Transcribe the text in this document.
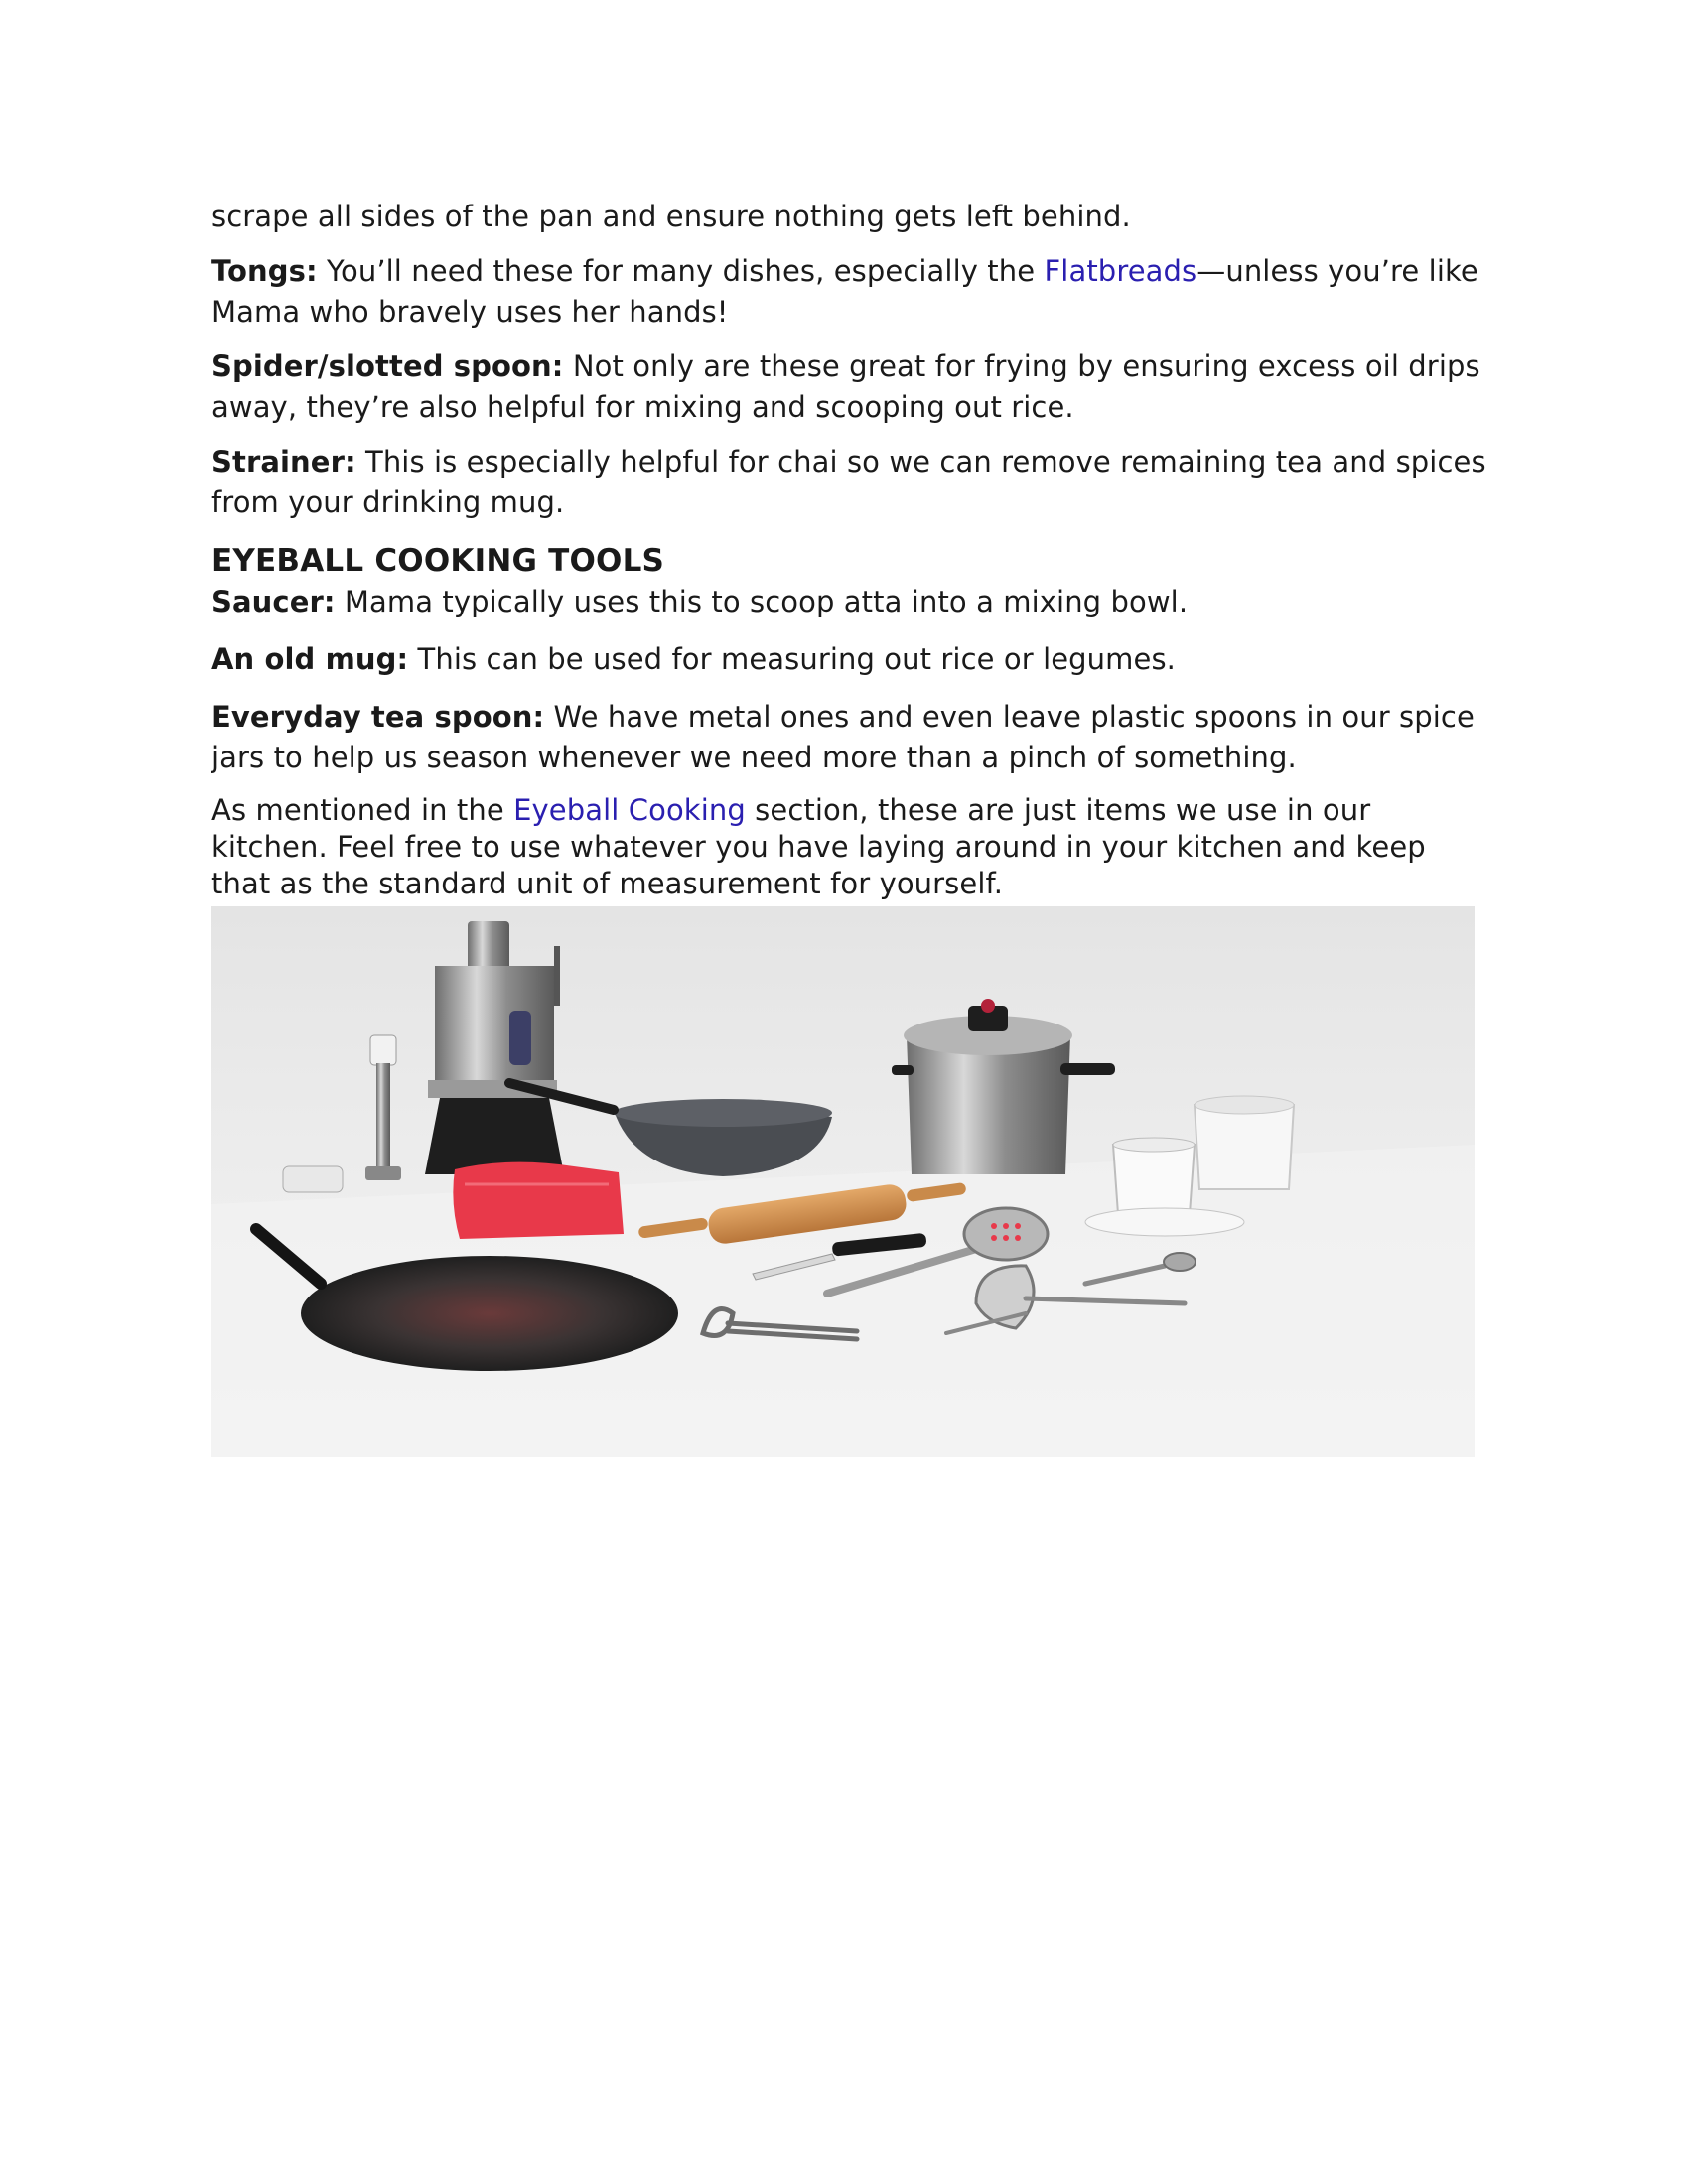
scrape all sides of the pan and ensure nothing gets left behind.

Tongs: You’ll need these for many dishes, especially the Flatbreads—unless you’re like Mama who bravely uses her hands!

Spider/slotted spoon: Not only are these great for frying by ensuring excess oil drips away, they’re also helpful for mixing and scooping out rice.

Strainer: This is especially helpful for chai so we can remove remaining tea and spices from your drinking mug.

EYEBALL COOKING TOOLS

Saucer: Mama typically uses this to scoop atta into a mixing bowl.

An old mug: This can be used for measuring out rice or legumes.

Everyday tea spoon: We have metal ones and even leave plastic spoons in our spice jars to help us season whenever we need more than a pinch of something.

As mentioned in the Eyeball Cooking section, these are just items we use in our kitchen. Feel free to use whatever you have laying around in your kitchen and keep that as the standard unit of measurement for yourself.
